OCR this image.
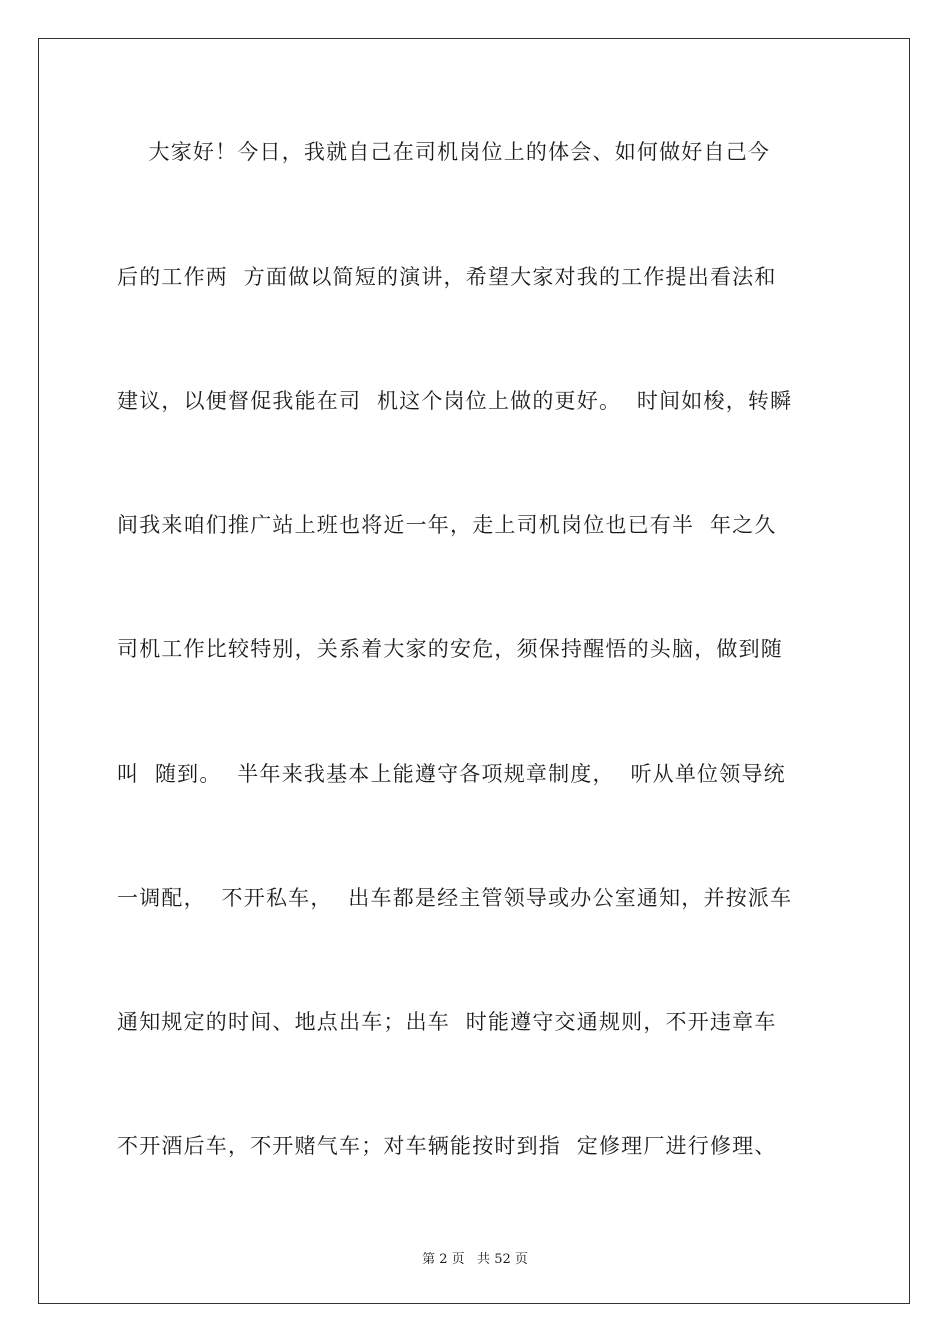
大家好！今日，我就自己在司机岗位上的体会、如何做好自己今
后的工作两  方面做以简短的演讲，希望大家对我的工作提出看法和
建议，以便督促我能在司  机这个岗位上做的更好。  时间如梭，转瞬
间我来咱们推广站上班也将近一年，走上司机岗位也已有半  年之久
司机工作比较特别，关系着大家的安危，须保持醒悟的头脑，做到随
叫  随到。  半年来我基本上能遵守各项规章制度，  听从单位领导统
一调配，  不开私车，  出车都是经主管领导或办公室通知，并按派车
通知规定的时间、地点出车；出车  时能遵守交通规则，不开违章车
不开酒后车，不开赌气车；对车辆能按时到指  定修理厂进行修理、
第 2 页   共 52 页
